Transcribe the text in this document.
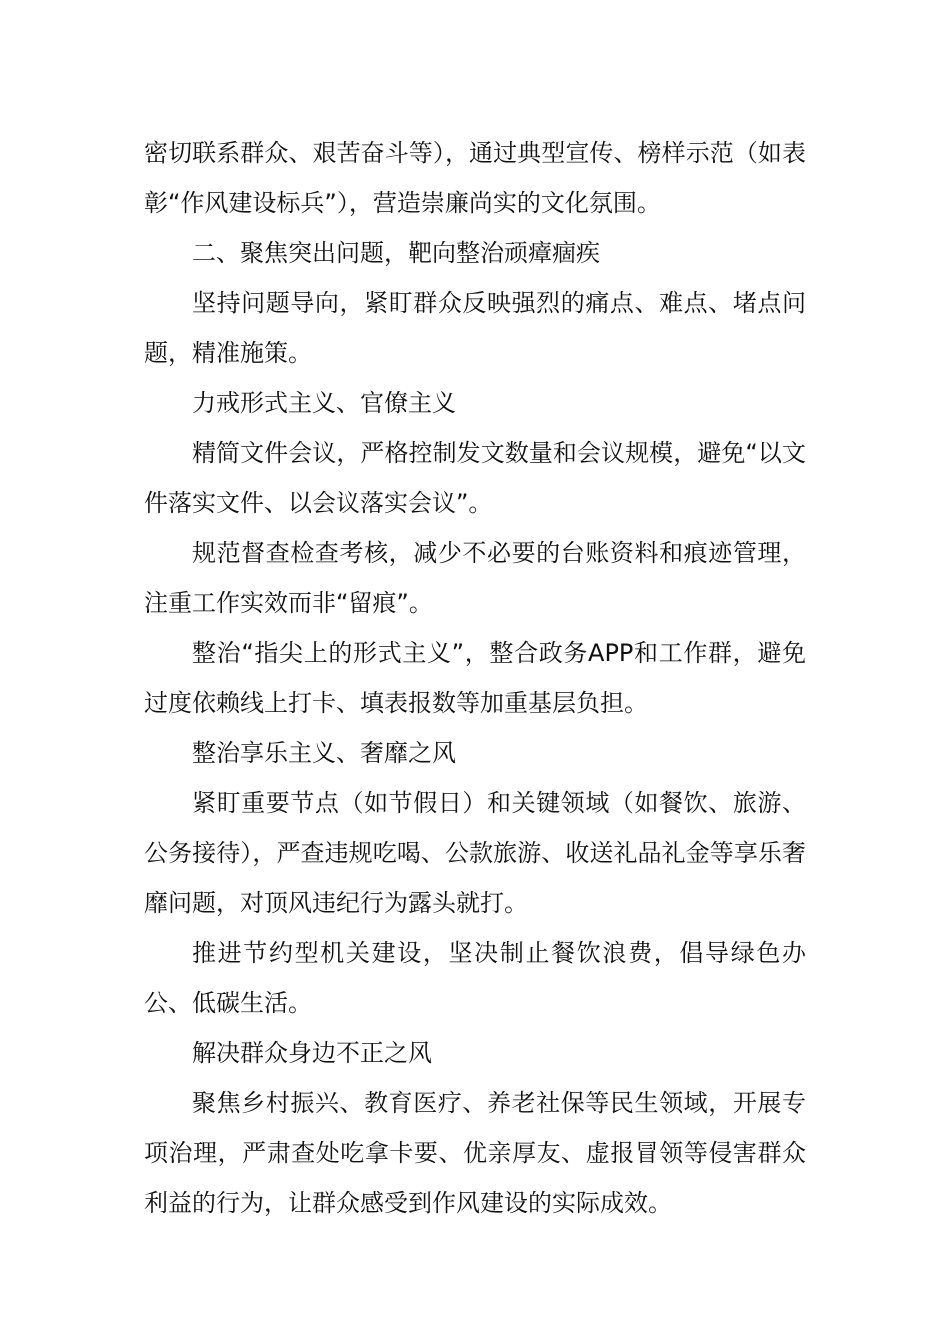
密切联系群众、艰苦奋斗等），通过典型宣传、榜样示范（如表彰“作风建设标兵”），营造崇廉尚实的文化氛围。

二、聚焦突出问题，靶向整治顽瘴痼疾

坚持问题导向，紧盯群众反映强烈的痛点、难点、堵点问题，精准施策。

力戒形式主义、官僚主义

精简文件会议，严格控制发文数量和会议规模，避免“以文件落实文件、以会议落实会议”。

规范督查检查考核，减少不必要的台账资料和痕迹管理，注重工作实效而非“留痕”。

整治“指尖上的形式主义”，整合政务APP和工作群，避免过度依赖线上打卡、填表报数等加重基层负担。

整治享乐主义、奢靡之风

紧盯重要节点（如节假日）和关键领域（如餐饮、旅游、公务接待），严查违规吃喝、公款旅游、收送礼品礼金等享乐奢靡问题，对顶风违纪行为露头就打。

推进节约型机关建设，坚决制止餐饮浪费，倡导绿色办公、低碳生活。

解决群众身边不正之风

聚焦乡村振兴、教育医疗、养老社保等民生领域，开展专项治理，严肃查处吃拿卡要、优亲厚友、虚报冒领等侵害群众利益的行为，让群众感受到作风建设的实际成效。
